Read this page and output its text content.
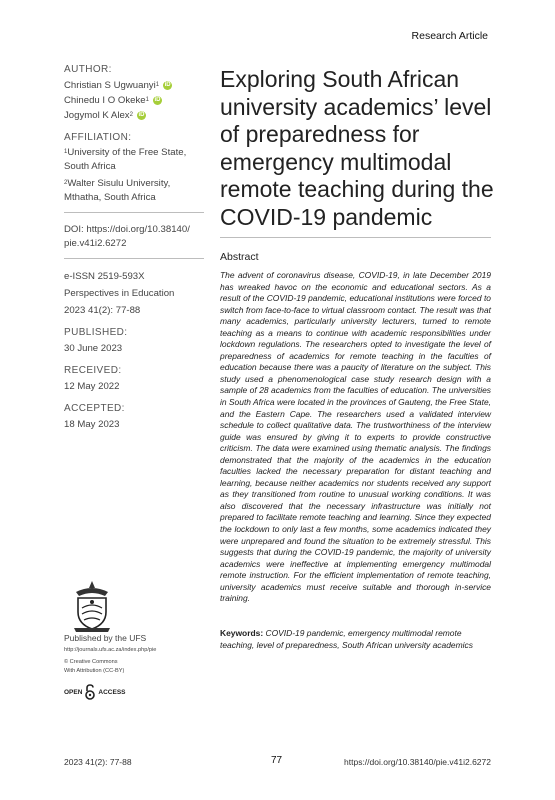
Research Article
AUTHOR:
Christian S Ugwuanyi 1 iD
Chinedu I O Okeke 1 iD
Jogymol K Alex 2 iD
AFFILIATION:
$^1$University of the Free State,
South Africa
$^2$Walter Sisulu University,
Mthatha, South Africa
DOI: https://doi.org/10.38140/
pie.v41i2.6272
e-ISSN 2519-593X
Perspectives in Education
2023 41(2): 77-88
PUBLISHED:
30 June 2023
RECEIVED:
12 May 2022
ACCEPTED:
18 May 2023
Published by the UFS
http://journals.ufs.ac.za/index.php/pie
© Creative Commons
With Attribution (CC-BY)
OPEN ACCESS
Exploring South African university academics’ level of preparedness for emergency multimodal remote teaching during the COVID-19 pandemic
Abstract
The advent of coronavirus disease, COVID-19, in late December 2019 has wreaked havoc on the economic and educational sectors. As a result of the COVID-19 pandemic, educational institutions were forced to switch from face-to-face to virtual classroom contact. The result was that many academics, particularly university lecturers, turned to remote teaching as a means to continue with academic responsibilities under lockdown regulations. The researchers opted to investigate the level of preparedness of academics for remote teaching in the faculties of education because there was a paucity of literature on the subject. This study used a phenomenological case study research design with a sample of 28 academics from the faculties of education. The universities in South Africa were located in the provinces of Gauteng, the Free State, and the Eastern Cape. The researchers used a validated interview schedule to collect qualitative data. The trustworthiness of the interview guide was ensured by giving it to experts to provide constructive criticism. The data were examined using thematic analysis. The findings demonstrated that the majority of the academics in the education faculties lacked the necessary preparation for distant teaching and learning, because neither academics nor students received any support as they transitioned from routine to unusual working conditions. It was also discovered that the necessary infrastructure was initially not prepared to facilitate remote teaching and learning. Since they expected the lockdown to only last a few months, some academics indicated they were unprepared and found the situation to be extremely stressful. This suggests that during the COVID-19 pandemic, the majority of university academics were ineffective at implementing emergency multimodal remote instruction. For the efficient implementation of remote teaching, university academics must receive suitable and thorough in-service training.
Keywords: COVID-19 pandemic, emergency multimodal remote teaching, level of preparedness, South African university academics
2023 41(2): 77-88	77	https://doi.org/10.38140/pie.v41i2.6272
